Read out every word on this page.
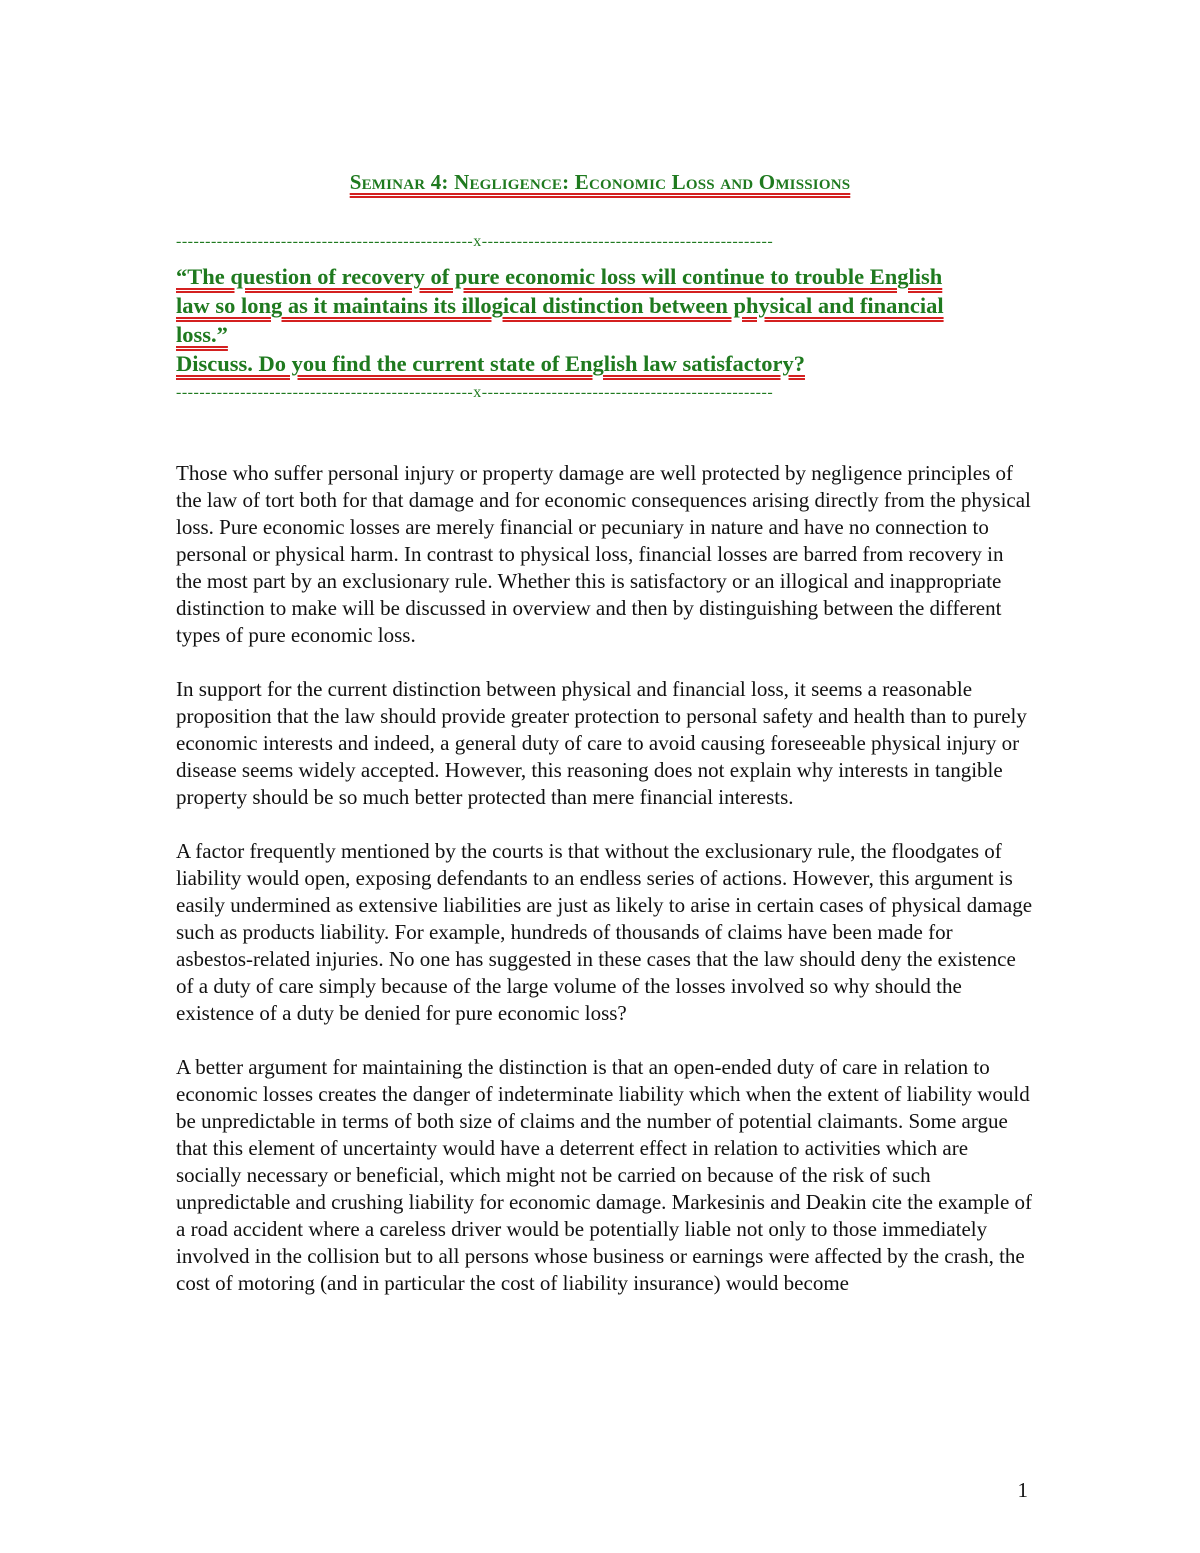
Seminar 4: Negligence: Economic Loss and Omissions
---------------------------------------------------x--------------------------------------------------
“The question of recovery of pure economic loss will continue to trouble English
law so long as it maintains its illogical distinction between physical and financial
loss.”
Discuss. Do you find the current state of English law satisfactory?
---------------------------------------------------x--------------------------------------------------

Those who suffer personal injury or property damage are well protected by negligence principles of the law of tort both for that damage and for economic consequences arising directly from the physical loss. Pure economic losses are merely financial or pecuniary in nature and have no connection to personal or physical harm. In contrast to physical loss, financial losses are barred from recovery in the most part by an exclusionary rule. Whether this is satisfactory or an illogical and inappropriate distinction to make will be discussed in overview and then by distinguishing between the different types of pure economic loss.

In support for the current distinction between physical and financial loss, it seems a reasonable proposition that the law should provide greater protection to personal safety and health than to purely economic interests and indeed, a general duty of care to avoid causing foreseeable physical injury or disease seems widely accepted. However, this reasoning does not explain why interests in tangible property should be so much better protected than mere financial interests.

A factor frequently mentioned by the courts is that without the exclusionary rule, the floodgates of liability would open, exposing defendants to an endless series of actions. However, this argument is easily undermined as extensive liabilities are just as likely to arise in certain cases of physical damage such as products liability. For example, hundreds of thousands of claims have been made for asbestos-related injuries. No one has suggested in these cases that the law should deny the existence of a duty of care simply because of the large volume of the losses involved so why should the existence of a duty be denied for pure economic loss?

A better argument for maintaining the distinction is that an open-ended duty of care in relation to economic losses creates the danger of indeterminate liability which when the extent of liability would be unpredictable in terms of both size of claims and the number of potential claimants. Some argue that this element of uncertainty would have a deterrent effect in relation to activities which are socially necessary or beneficial, which might not be carried on because of the risk of such unpredictable and crushing liability for economic damage. Markesinis and Deakin cite the example of a road accident where a careless driver would be potentially liable not only to those immediately involved in the collision but to all persons whose business or earnings were affected by the crash, the cost of motoring (and in particular the cost of liability insurance) would become

1
